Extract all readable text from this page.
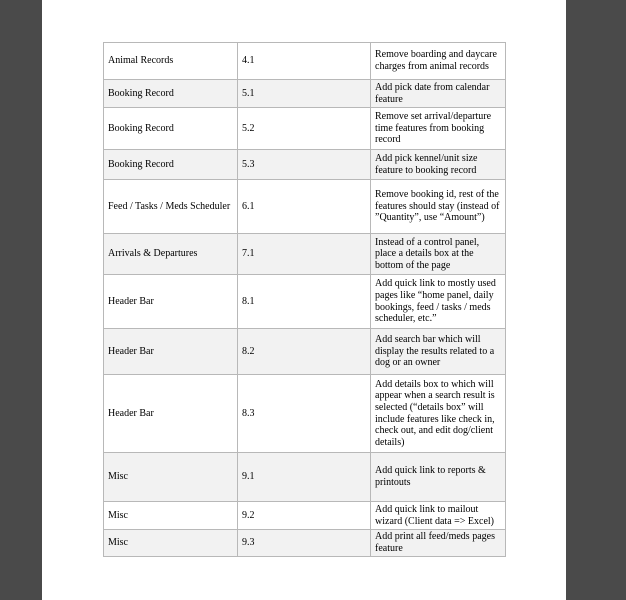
Animal Records	4.1	Remove boarding and daycare charges from animal records
Booking Record	5.1	Add pick date from calendar feature
Booking Record	5.2	Remove set arrival/departure time features from booking record
Booking Record	5.3	Add pick kennel/unit size feature to booking record
Feed / Tasks / Meds Scheduler	6.1	Remove booking id, rest of the features should stay (instead of ”Quantity”, use “Amount”)
Arrivals & Departures	7.1	Instead of a control panel, place a details box at the bottom of the page
Header Bar	8.1	Add quick link to mostly used pages like “home panel, daily bookings, feed / tasks / meds scheduler, etc.”
Header Bar	8.2	Add search bar which will display the results related to a dog or an owner
Header Bar	8.3	Add details box to which will appear when a search result is selected (“details box” will include features like check in, check out, and edit dog/client details)
Misc	9.1	Add quick link to reports & printouts
Misc	9.2	Add quick link to mailout wizard (Client data => Excel)
Misc	9.3	Add print all feed/meds pages feature
